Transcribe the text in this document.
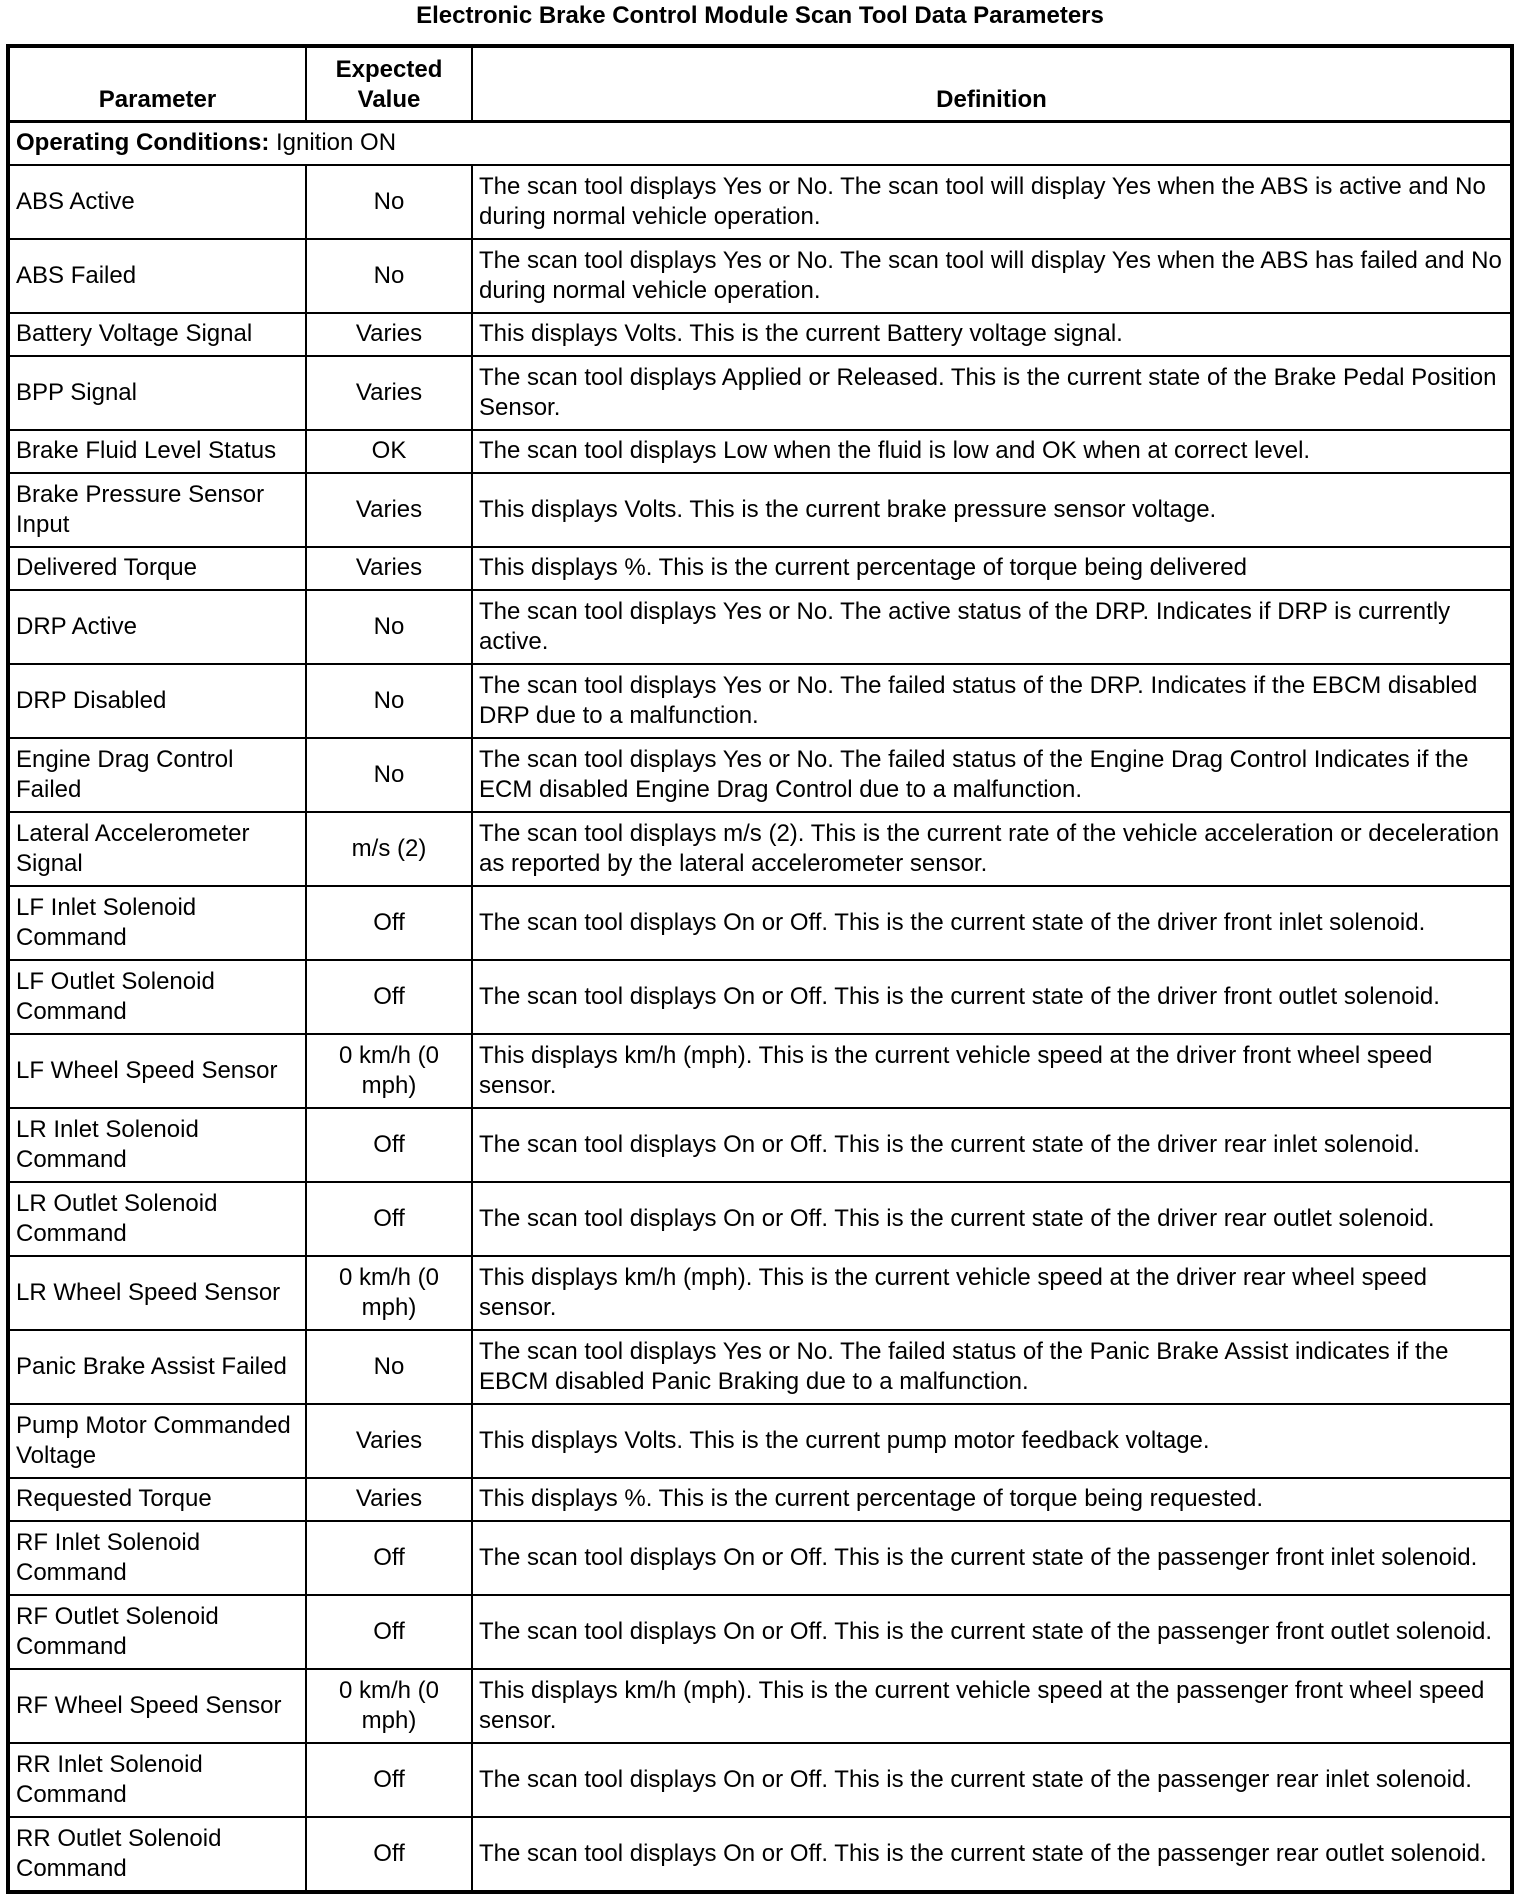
Electronic Brake Control Module Scan Tool Data Parameters
Parameter	Expected Value	Definition
Operating Conditions: Ignition ON		
ABS Active	No	The scan tool displays Yes or No. The scan tool will display Yes when the ABS is active and No during normal vehicle operation.
ABS Failed	No	The scan tool displays Yes or No. The scan tool will display Yes when the ABS has failed and No during normal vehicle operation.
Battery Voltage Signal	Varies	This displays Volts. This is the current Battery voltage signal.
BPP Signal	Varies	The scan tool displays Applied or Released. This is the current state of the Brake Pedal Position Sensor.
Brake Fluid Level Status	OK	The scan tool displays Low when the fluid is low and OK when at correct level.
Brake Pressure Sensor Input	Varies	This displays Volts. This is the current brake pressure sensor voltage.
Delivered Torque	Varies	This displays %. This is the current percentage of torque being delivered
DRP Active	No	The scan tool displays Yes or No. The active status of the DRP. Indicates if DRP is currently active.
DRP Disabled	No	The scan tool displays Yes or No. The failed status of the DRP. Indicates if the EBCM disabled DRP due to a malfunction.
Engine Drag Control Failed	No	The scan tool displays Yes or No. The failed status of the Engine Drag Control Indicates if the ECM disabled Engine Drag Control due to a malfunction.
Lateral Accelerometer Signal	m/s (2)	The scan tool displays m/s (2). This is the current rate of the vehicle acceleration or deceleration as reported by the lateral accelerometer sensor.
LF Inlet Solenoid Command	Off	The scan tool displays On or Off. This is the current state of the driver front inlet solenoid.
LF Outlet Solenoid Command	Off	The scan tool displays On or Off. This is the current state of the driver front outlet solenoid.
LF Wheel Speed Sensor	0 km/h (0 mph)	This displays km/h (mph). This is the current vehicle speed at the driver front wheel speed sensor.
LR Inlet Solenoid Command	Off	The scan tool displays On or Off. This is the current state of the driver rear inlet solenoid.
LR Outlet Solenoid Command	Off	The scan tool displays On or Off. This is the current state of the driver rear outlet solenoid.
LR Wheel Speed Sensor	0 km/h (0 mph)	This displays km/h (mph). This is the current vehicle speed at the driver rear wheel speed sensor.
Panic Brake Assist Failed	No	The scan tool displays Yes or No. The failed status of the Panic Brake Assist indicates if the EBCM disabled Panic Braking due to a malfunction.
Pump Motor Commanded Voltage	Varies	This displays Volts. This is the current pump motor feedback voltage.
Requested Torque	Varies	This displays %. This is the current percentage of torque being requested.
RF Inlet Solenoid Command	Off	The scan tool displays On or Off. This is the current state of the passenger front inlet solenoid.
RF Outlet Solenoid Command	Off	The scan tool displays On or Off. This is the current state of the passenger front outlet solenoid.
RF Wheel Speed Sensor	0 km/h (0 mph)	This displays km/h (mph). This is the current vehicle speed at the passenger front wheel speed sensor.
RR Inlet Solenoid Command	Off	The scan tool displays On or Off. This is the current state of the passenger rear inlet solenoid.
RR Outlet Solenoid Command	Off	The scan tool displays On or Off. This is the current state of the passenger rear outlet solenoid.
